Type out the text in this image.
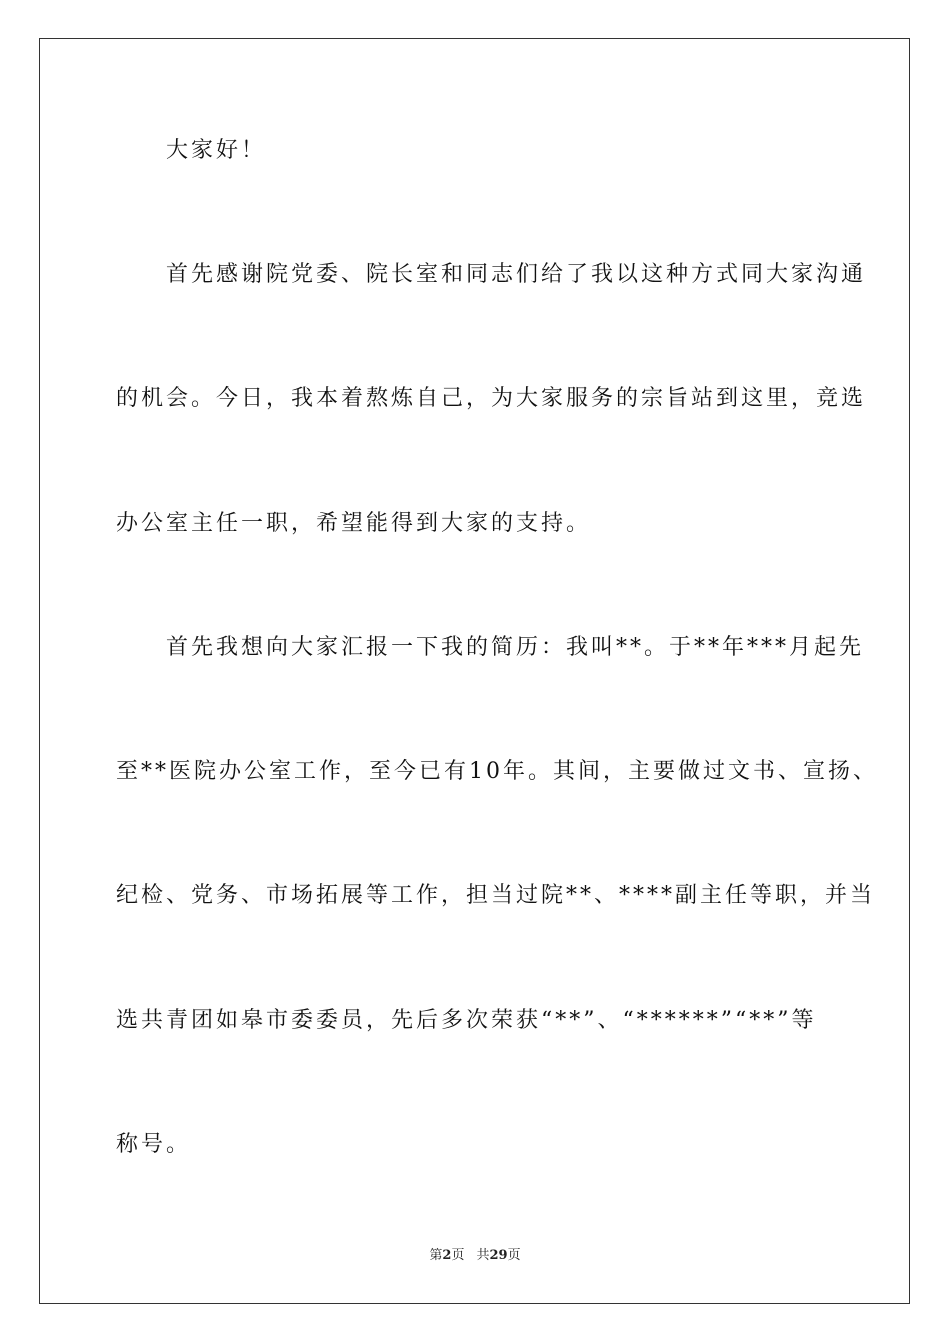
大家好！
首先感谢院党委、院长室和同志们给了我以这种方式同大家沟通
的机会。今日，我本着熬炼自己，为大家服务的宗旨站到这里，竞选
办公室主任一职，希望能得到大家的支持。
首先我想向大家汇报一下我的简历：我叫**。于**年***月起先
至**医院办公室工作，至今已有10年。其间，主要做过文书、宣扬、
纪检、党务、市场拓展等工作，担当过院**、****副主任等职，并当
选共青团如皋市委委员，先后多次荣获“**”、“******”“**”等
称号。
第2页 共29页
